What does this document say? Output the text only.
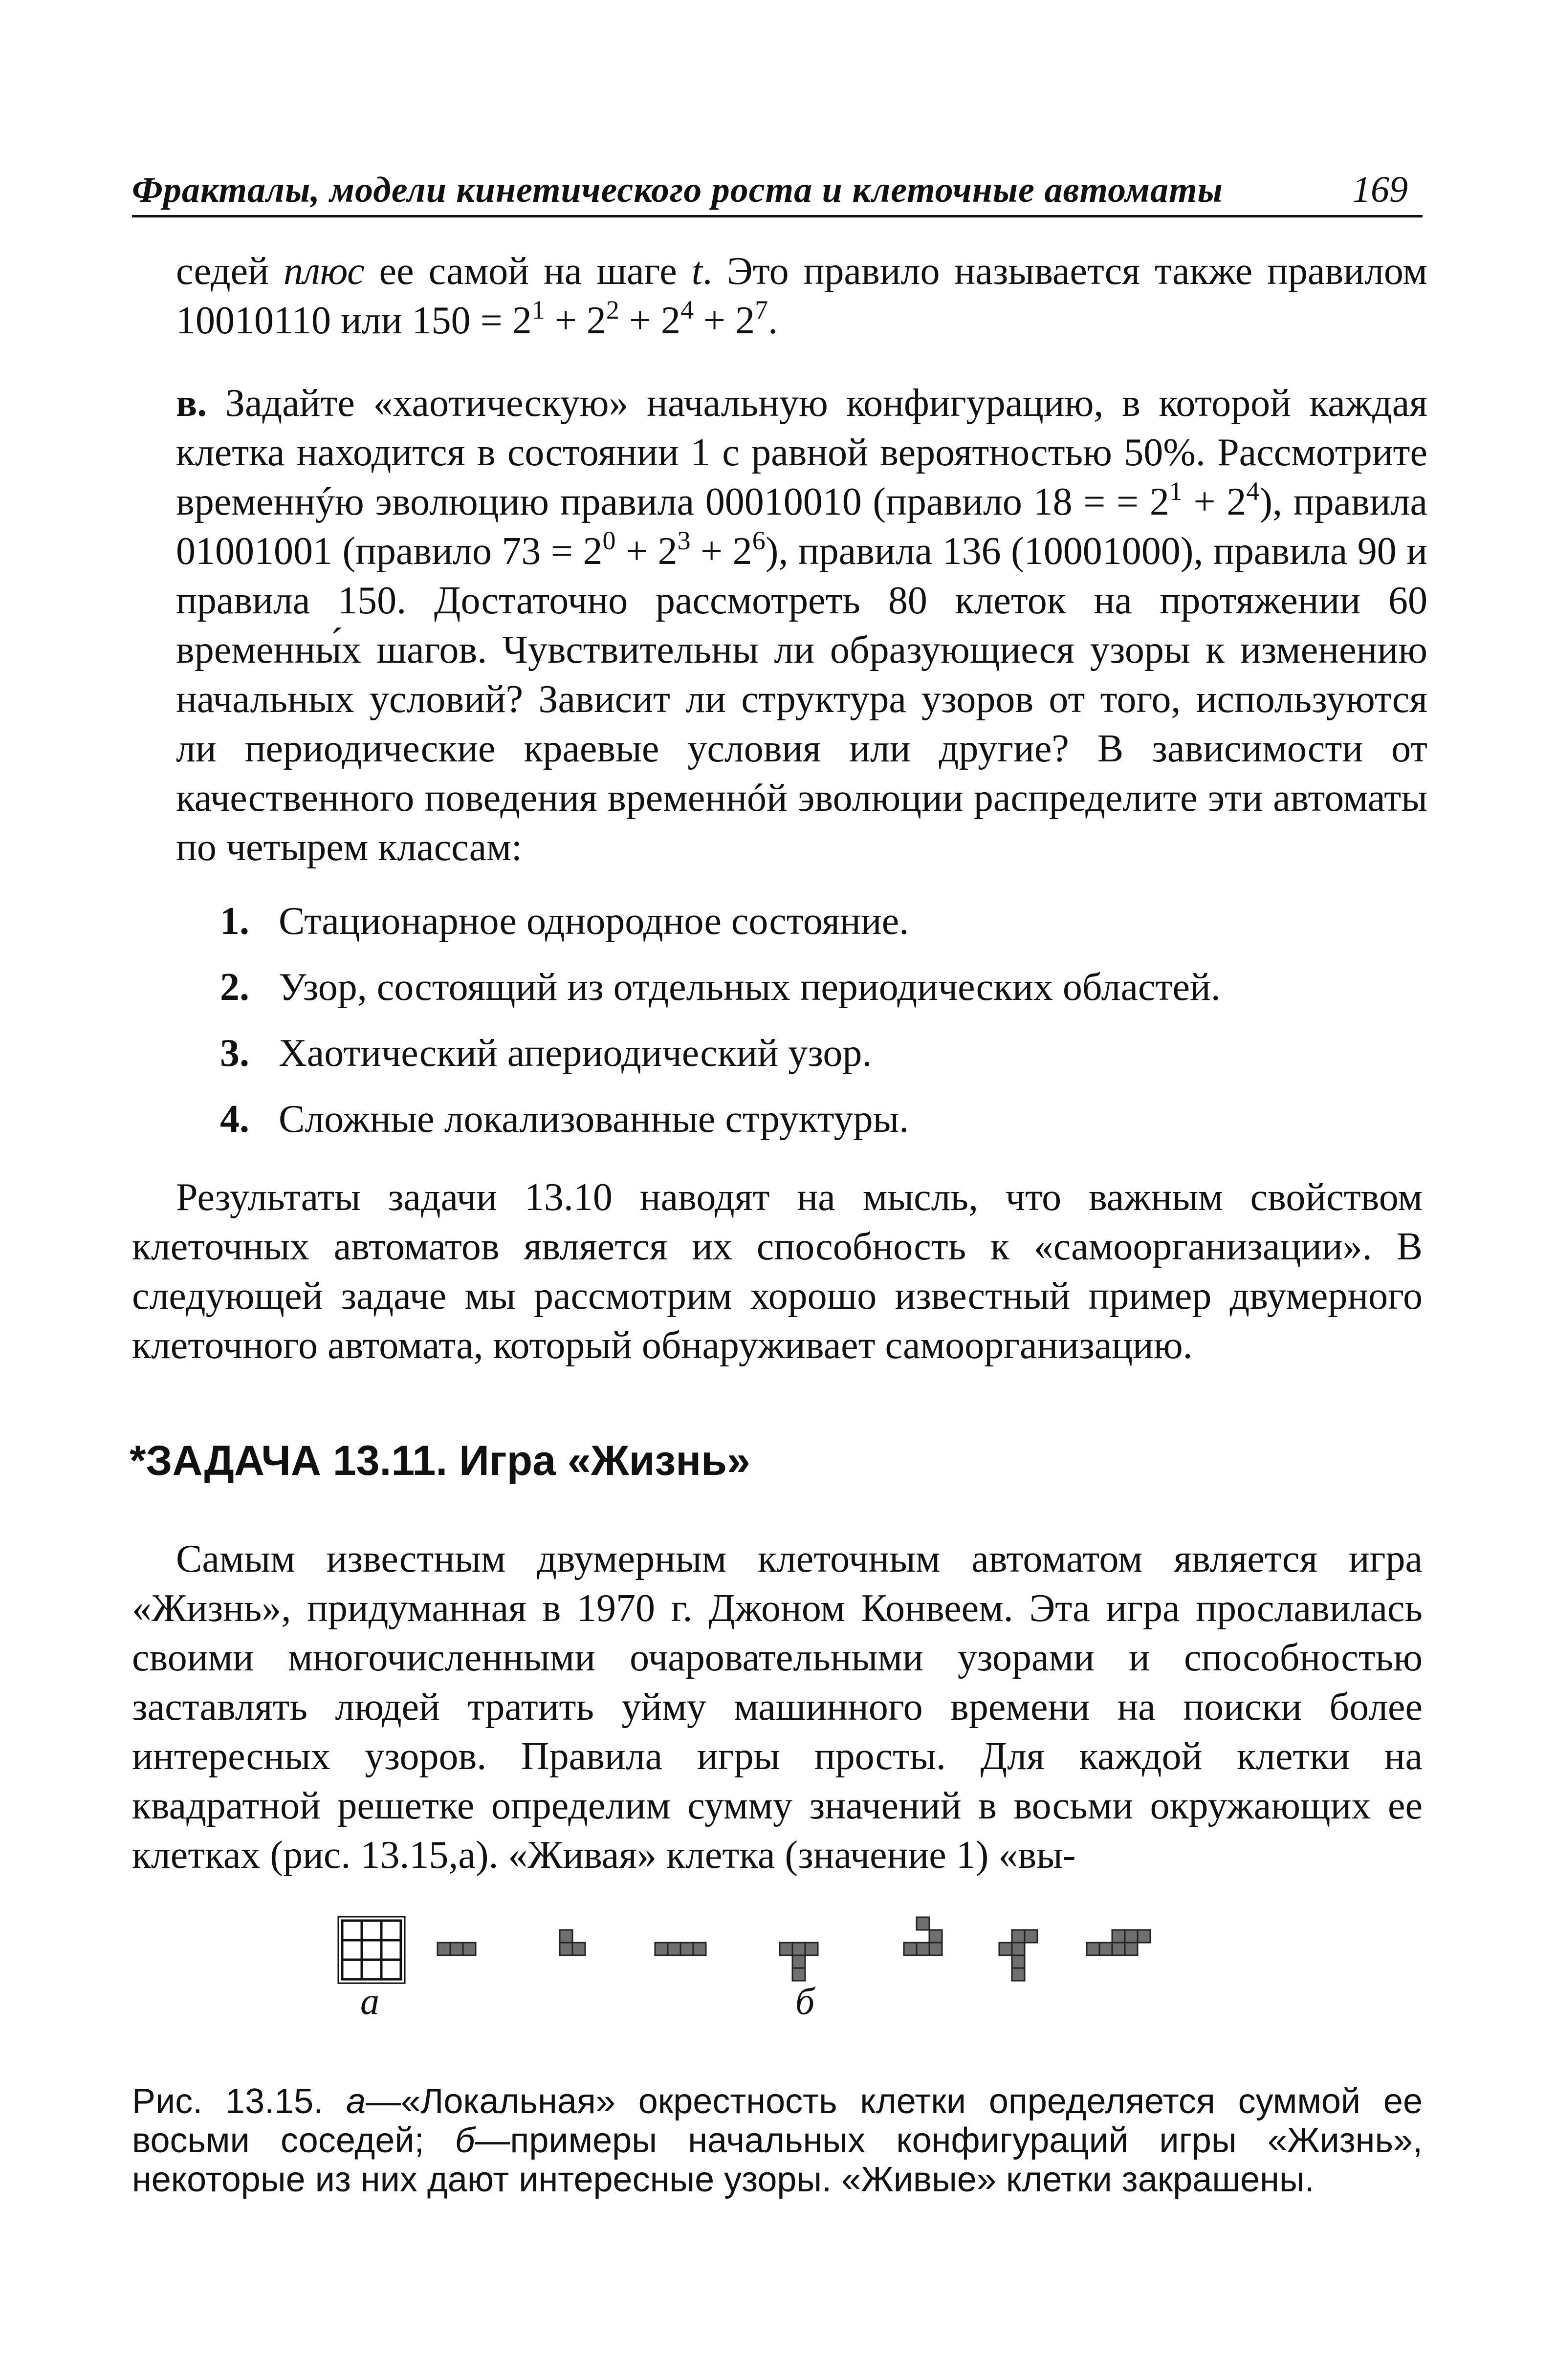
Фракталы, модели кинетического роста и клеточные автоматы	169

седей плюс ее самой на шаге t. Это правило называется также правилом 10010110 или $150 = 2^1 + 2^2 + 2^4 + 2^7$.

в. Задайте «хаотическую» начальную конфигурацию, в которой каждая клетка находится в состоянии 1 с равной вероятностью 50%. Рассмотрите временнýю эволюцию правила 00010010 (правило 18 = = $2^1 + 2^4$), правила 01001001 (правило $73 = 2^0 + 2^3 + 2^6$), правила 136 (10001000), правила 90 и правила 150. Достаточно рассмотреть 80 клеток на протяжении 60 временны́х шагов. Чувствительны ли образующиеся узоры к изменению начальных условий? Зависит ли структура узоров от того, используются ли периодические краевые условия или другие? В зависимости от качественного поведения временнóй эволюции распределите эти автоматы по четырем классам:

1. Стационарное однородное состояние.
2. Узор, состоящий из отдельных периодических областей.
3. Хаотический апериодический узор.
4. Сложные локализованные структуры.

Результаты задачи 13.10 наводят на мысль, что важным свойством клеточных автоматов является их способность к «самоорганизации». В следующей задаче мы рассмотрим хорошо известный пример двумерного клеточного автомата, который обнаруживает самоорганизацию.

*ЗАДАЧА 13.11. Игра «Жизнь»

Самым известным двумерным клеточным автоматом является игра «Жизнь», придуманная в 1970 г. Джоном Конвеем. Эта игра прославилась своими многочисленными очаровательными узорами и способностью заставлять людей тратить уйму машинного времени на поиски более интересных узоров. Правила игры просты. Для каждой клетки на квадратной решетке определим сумму значений в восьми окружающих ее клетках (рис. 13.15,а). «Живая» клетка (значение 1) «вы-

а	б

Рис. 13.15. а—«Локальная» окрестность клетки определяется суммой ее восьми соседей; б—примеры начальных конфигураций игры «Жизнь», некоторые из них дают интересные узоры. «Живые» клетки закрашены.
